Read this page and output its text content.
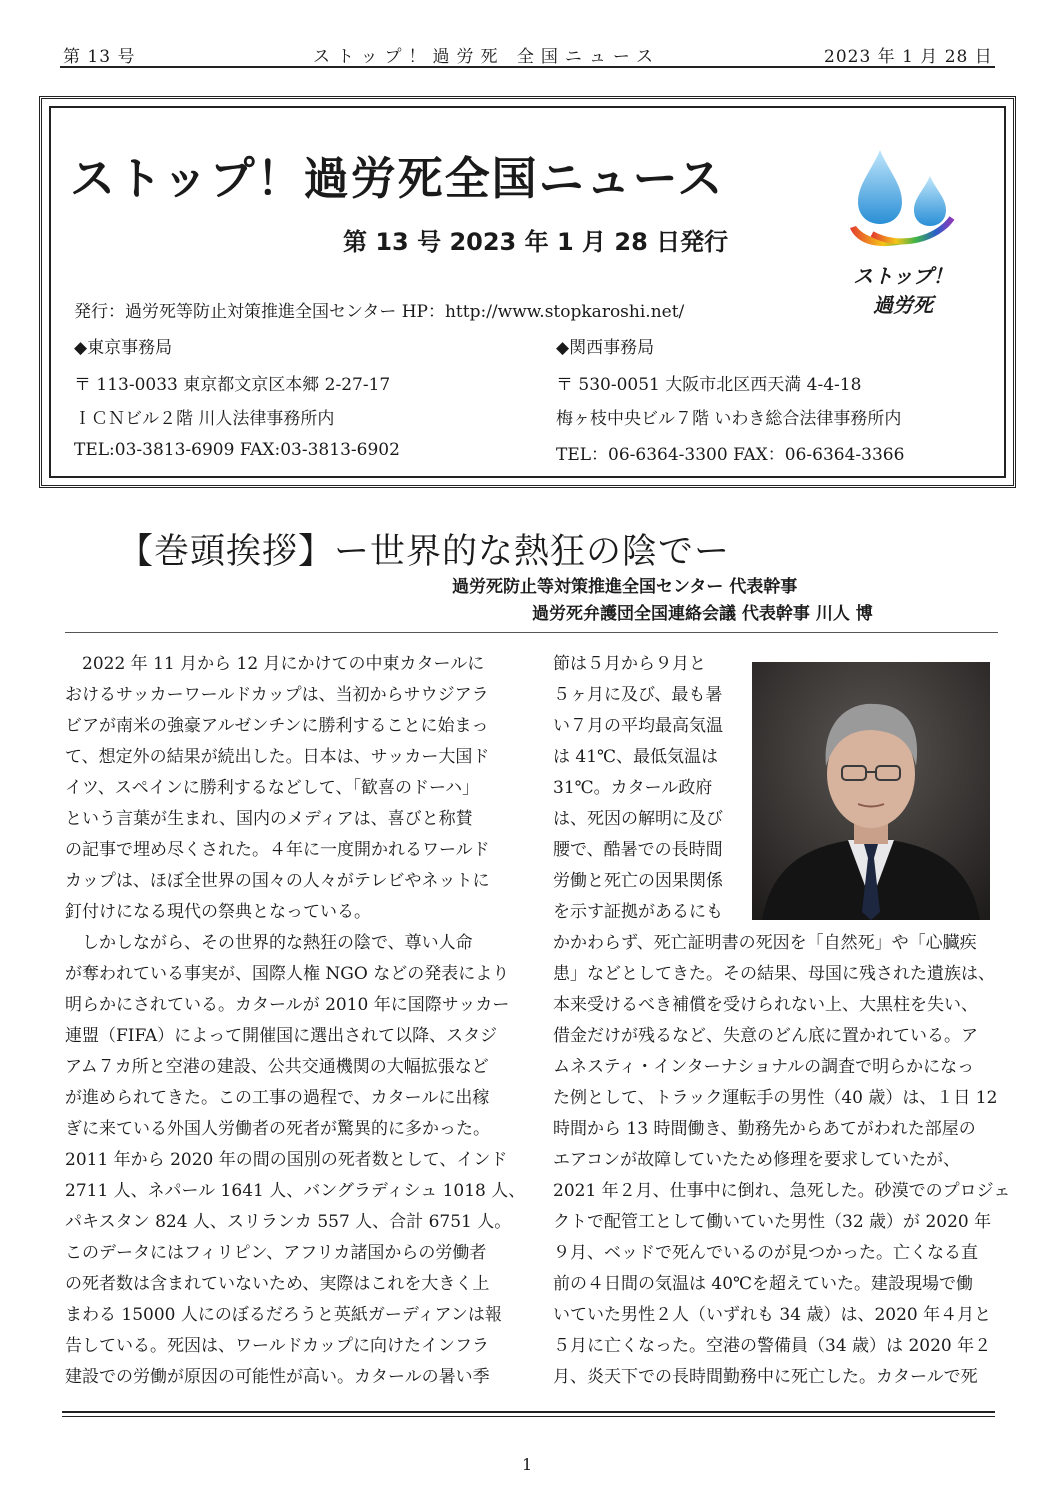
第 13 号	ストップ！過労死 全国ニュース	2023 年 1 月 28 日
ストップ！過労死全国ニュース
第 13 号 2023 年 1 月 28 日発行
発行：過労死等防止対策推進全国センター HP：http://www.stopkaroshi.net/
◆東京事務局
〒 113-0033 東京都文京区本郷 2-27-17
ＩＣＮビル２階 川人法律事務所内
TEL:03-3813-6909 FAX:03-3813-6902
◆関西事務局
〒 530-0051 大阪市北区西天満 4-4-18
梅ヶ枝中央ビル７階 いわき総合法律事務所内
TEL：06-6364-3300 FAX：06-6364-3366
ストップ！
過労死
【巻頭挨拶】ー世界的な熱狂の陰でー
過労死防止等対策推進全国センター 代表幹事
過労死弁護団全国連絡会議 代表幹事 川人 博
　2022 年 11 月から 12 月にかけての中東カタールに
おけるサッカーワールドカップは、当初からサウジアラ
ビアが南米の強豪アルゼンチンに勝利することに始まっ
て、想定外の結果が続出した。日本は、サッカー大国ド
イツ、スペインに勝利するなどして、「歓喜のドーハ」
という言葉が生まれ、国内のメディアは、喜びと称賛
の記事で埋め尽くされた。４年に一度開かれるワールド
カップは、ほぼ全世界の国々の人々がテレビやネットに
釘付けになる現代の祭典となっている。
　しかしながら、その世界的な熱狂の陰で、尊い人命
が奪われている事実が、国際人権 NGO などの発表により
明らかにされている。カタールが 2010 年に国際サッカー
連盟（FIFA）によって開催国に選出されて以降、スタジ
アム７カ所と空港の建設、公共交通機関の大幅拡張など
が進められてきた。この工事の過程で、カタールに出稼
ぎに来ている外国人労働者の死者が驚異的に多かった。
2011 年から 2020 年の間の国別の死者数として、インド
2711 人、ネパール 1641 人、バングラディシュ 1018 人、
パキスタン 824 人、スリランカ 557 人、合計 6751 人。
このデータにはフィリピン、アフリカ諸国からの労働者
の死者数は含まれていないため、実際はこれを大きく上
まわる 15000 人にのぼるだろうと英紙ガーディアンは報
告している。死因は、ワールドカップに向けたインフラ
建設での労働が原因の可能性が高い。カタールの暑い季
節は５月から９月と
５ヶ月に及び、最も暑
い７月の平均最高気温
は 41℃、最低気温は
31℃。カタール政府
は、死因の解明に及び
腰で、酷暑での長時間
労働と死亡の因果関係
を示す証拠があるにも
かかわらず、死亡証明書の死因を「自然死」や「心臓疾
患」などとしてきた。その結果、母国に残された遺族は、
本来受けるべき補償を受けられない上、大黒柱を失い、
借金だけが残るなど、失意のどん底に置かれている。ア
ムネスティ・インターナショナルの調査で明らかになっ
た例として、トラック運転手の男性（40 歳）は、１日 12
時間から 13 時間働き、勤務先からあてがわれた部屋の
エアコンが故障していたため修理を要求していたが、
2021 年２月、仕事中に倒れ、急死した。砂漠でのプロジェ
クトで配管工として働いていた男性（32 歳）が 2020 年
９月、ベッドで死んでいるのが見つかった。亡くなる直
前の４日間の気温は 40℃を超えていた。建設現場で働
いていた男性２人（いずれも 34 歳）は、2020 年４月と
５月に亡くなった。空港の警備員（34 歳）は 2020 年２
月、炎天下での長時間勤務中に死亡した。カタールで死
1
